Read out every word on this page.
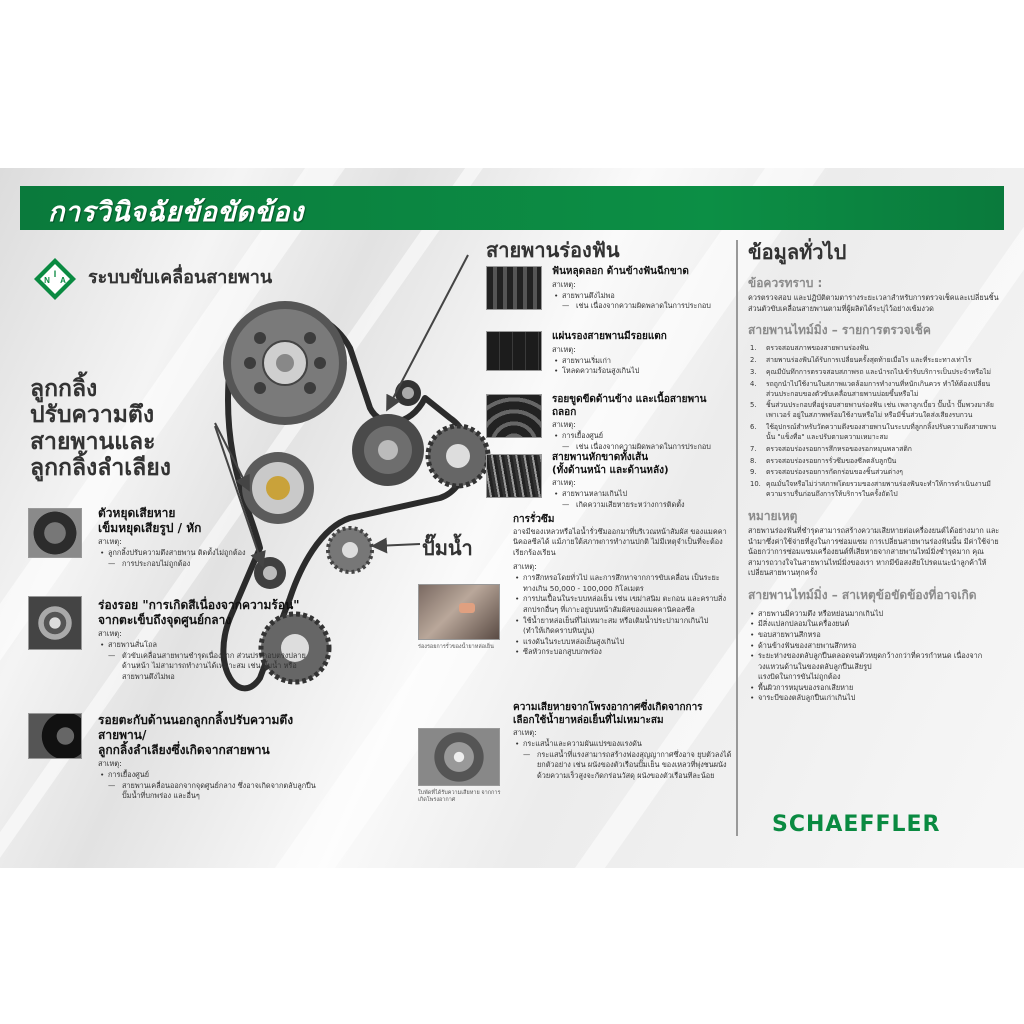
การวินิจฉัยข้อขัดข้อง
I
N A ระบบขับเคลื่อนสายพาน
ลูกกลิ้ง
ปรับความตึง
สายพานและ
ลูกกลิ้งลำเลียง
ตัวหยุดเสียหาย
เข็มหยุดเสียรูป / หัก
สาเหตุ:
• ลูกกลิ้งปรับความตึงสายพาน ติดตั้งไม่ถูกต้อง
— การประกอบไม่ถูกต้อง
ร่องรอย "การเกิดสีเนื่องจากความร้อน"
จากตะเข็บถึงจุดศูนย์กลาง
สาเหตุ:
• สายพานสั่นโถล
— ตัวขับเคลื่อนสายพานชำรุดเนื่องจาก ส่วนประกอบตรงปลายด้านหน้า ไม่สามารถทำงานได้เหมาะสม เช่น ปั๊มน้ำ หรือสายพานตึงไม่พอ
รอยตะกับด้านนอกลูกกลิ้งปรับความตึงสายพาน/
ลูกกลิ้งลำเลียงซึ่งเกิดจากสายพาน
สาเหตุ:
• การเยื้องศูนย์
— สายพานเคลื่อนออกจากจุดศูนย์กลาง ซึ่งอาจเกิดจากตลับลูกปืนปั๊มน้ำที่บกพร่อง และอื่นๆ
สายพานร่องฟัน
ฟันหลุดลอก ด้านข้างฟันฉีกขาด
สาเหตุ:
• สายพานตึงไม่พอ
— เช่น เนื่องจากความผิดพลาดในการประกอบ
แผ่นรองสายพานมีรอยแตก
สาเหตุ:
• สายพานเริ่มเก่า
• โหลดความร้อนสูงเกินไป
รอยขูดขีดด้านข้าง และเนื้อสายพานถลอก
สาเหตุ:
• การเยื้องศูนย์
— เช่น เนื่องจากความผิดพลาดในการประกอบ
สายพานหักขาดทั้งเส้น
(ทั้งด้านหน้า และด้านหลัง)
สาเหตุ:
• สายพานหลามเกินไป
— เกิดความเสียหายระหว่างการติดตั้ง
ปั๊มน้ำ
การรั่วซึม
อาจมีของเหลวหรือไอน้ำรั่วซึมออกมาที่บริเวณหน้าสัมผัส ของแมคคานิคอลซีลได้ แม้ภายใต้สภาพการทำงานปกติ ไม่มีเหตุจำเป็นที่จะต้องเรียกร้องเรียน
สาเหตุ:
• การสึกหรอโดยทั่วไป และการสึกหาจากการขับเคลื่อน เป็นระยะทางเกิน 50,000 - 100,000 กิโลเมตร
• การปนเปื้อนในระบบหล่อเย็น เช่น เขม่าสนิม ตะกอน และคราบสิ่งสกปรกอื่นๆ ที่เกาะอยู่บนหน้าสัมผัสของแมคคานิคอลซีล
• ใช้น้ำยาหล่อเย็นที่ไม่เหมาะสม หรือเติมน้ำประปามากเกินไป (ทำให้เกิดคราบหินปูน)
• แรงดันในระบบหล่อเย็นสูงเกินไป
• ซีลหัวกระบอกสูบบกพร่อง
ร่องรอยการรั่วของน้ำยาหล่อเย็น
ความเสียหายจากโพรงอากาศซึ่งเกิดจากการ
เลือกใช้น้ำยาหล่อเย็นที่ไม่เหมาะสม
สาเหตุ:
• กระแสน้ำและความผันแปรของแรงดัน
— กระแสน้ำที่แรงสามารถสร้างฟองสุญญากาศซึ่งอาจ ยุบตัวลงได้ ยกตัวอย่าง เช่น ผนังของตัวเรือนปั๊มเย็น ของเหลวที่พุ่งชนผนังด้วยความเร็วสูงจะกัดกร่อนวัสดุ ผนังของตัวเรือนทีละน้อย
ใบพัดที่ได้รับความเสียหาย จากการเกิดโพรงอากาศ
ข้อมูลทั่วไป
ข้อควรทราบ :
ควรตรวจสอบ และปฏิบัติตามตารางระยะเวลาสำหรับการตรวจเช็คและเปลี่ยนชิ้นส่วนตัวขับเคลื่อนสายพานตามที่ผู้ผลิตได้ระบุไว้อย่างเข้มงวด
สายพานไทม์มิ่ง – รายการตรวจเช็ค
1. ตรวจสอบสภาพของสายพานร่องฟัน
2. สายพานร่องฟันได้รับการเปลี่ยนครั้งสุดท้ายเมื่อไร และที่ระยะทางเท่าไร
3. คุณมีบันทึกการตรวจสอบสภาพรถ และนำรถไปเข้ารับบริการเป็นประจำหรือไม่
4. รถถูกนำไปใช้งานในสภาพแวดล้อมการทำงานที่หนักเกินควร ทำให้ต้องเปลี่ยนส่วนประกอบของตัวขับเคลื่อนสายพานบ่อยขึ้นหรือไม่
5. ชิ้นส่วนประกอบที่อยู่รอบสายพานร่องฟัน เช่น เพลาลูกเบี้ยว ปั๊มน้ำ ปั๊มพวงมาลัยเพาเวอร์ อยู่ในสภาพพร้อมใช้งานหรือไม่ หรือมีชิ้นส่วนใดส่งเสียงรบกวน
6. ใช้อุปกรณ์สำหรับวัดความตึงของสายพานในระบบที่ลูกกลิ้งปรับความตึงสายพานนั้น "แข็งทื่อ" และปรับตามความเหมาะสม
7. ตรวจสอบร่องรอยการสึกหรอของรอกหมุนพลาสติก
8. ตรวจสอบร่องรอยการรั่วซึมของซีลตลับลูกปืน
9. ตรวจสอบร่องรอยการกัดกร่อนของชิ้นส่วนต่างๆ
10. คุณมั่นใจหรือไม่ว่าสภาพโดยรวมของสายพานร่องฟันจะทำให้การดำเนินงานมีความราบรื่นก่อนถึงการให้บริการในครั้งถัดไป
หมายเหตุ
สายพานร่องฟันที่ชำรุดสามารถสร้างความเสียหายต่อเครื่องยนต์ได้อย่างมาก และนำมาซึ่งค่าใช้จ่ายที่สูงในการซ่อมแซม การเปลี่ยนสายพานร่องฟันนั้น มีค่าใช้จ่ายน้อยกว่าการซ่อมแซมเครื่องยนต์ที่เสียหายจากสายพานไทม์มิ่งชำรุดมาก คุณสามารถวางใจในสายพานไทม์มิ่งของเรา หากมีข้อสงสัยโปรดแนะนำลูกค้าให้เปลี่ยนสายพานทุกครั้ง
สายพานไทม์มิ่ง – สาเหตุข้อขัดข้องที่อาจเกิด
• สายพานมีความตึง หรือหย่อนมากเกินไป
• มีสิ่งแปลกปลอมในเครื่องยนต์
• ขอบสายพานสึกหรอ
• ด้านข้างฟันของสายพานสึกหรอ
• ระยะห่างของตลับลูกปืนตลอดจนตัวหยุดกว้างกว่าที่ควรกำหนด เนื่องจากวงแหวนด้านในของตลับลูกปืนเสียรูป
แรงบิดในการขันไม่ถูกต้อง
• พื้นผิวการหมุนของรอกเสียหาย
• จาระบีของตลับลูกปืนเก่าเกินไป
SCHAEFFLER
